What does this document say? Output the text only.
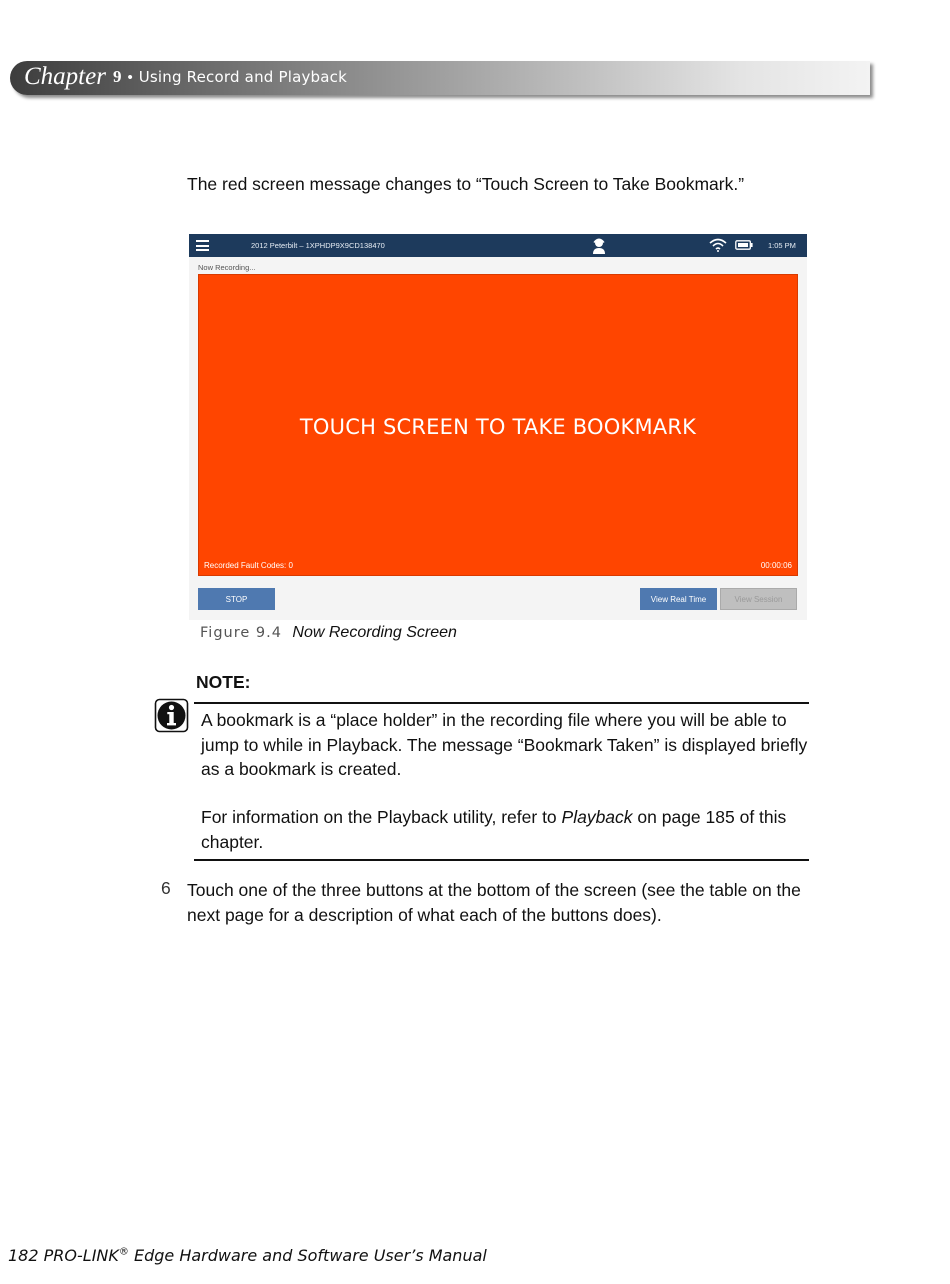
Chapter 9 • Using Record and Playback
The red screen message changes to “Touch Screen to Take Bookmark.”
2012 Peterbilt – 1XPHDP9X9CD138470	1:05 PM
Now Recording...
TOUCH SCREEN TO TAKE BOOKMARK
Recorded Fault Codes: 0	00:00:06
STOP	View Real Time	View Session
Figure 9.4 Now Recording Screen
NOTE:
A bookmark is a “place holder” in the recording file where you will be able to jump to while in Playback. The message “Bookmark Taken” is displayed briefly as a bookmark is created.
For information on the Playback utility, refer to Playback on page 185 of this chapter.
6 Touch one of the three buttons at the bottom of the screen (see the table on the next page for a description of what each of the buttons does).
182 PRO-LINK® Edge Hardware and Software User’s Manual
